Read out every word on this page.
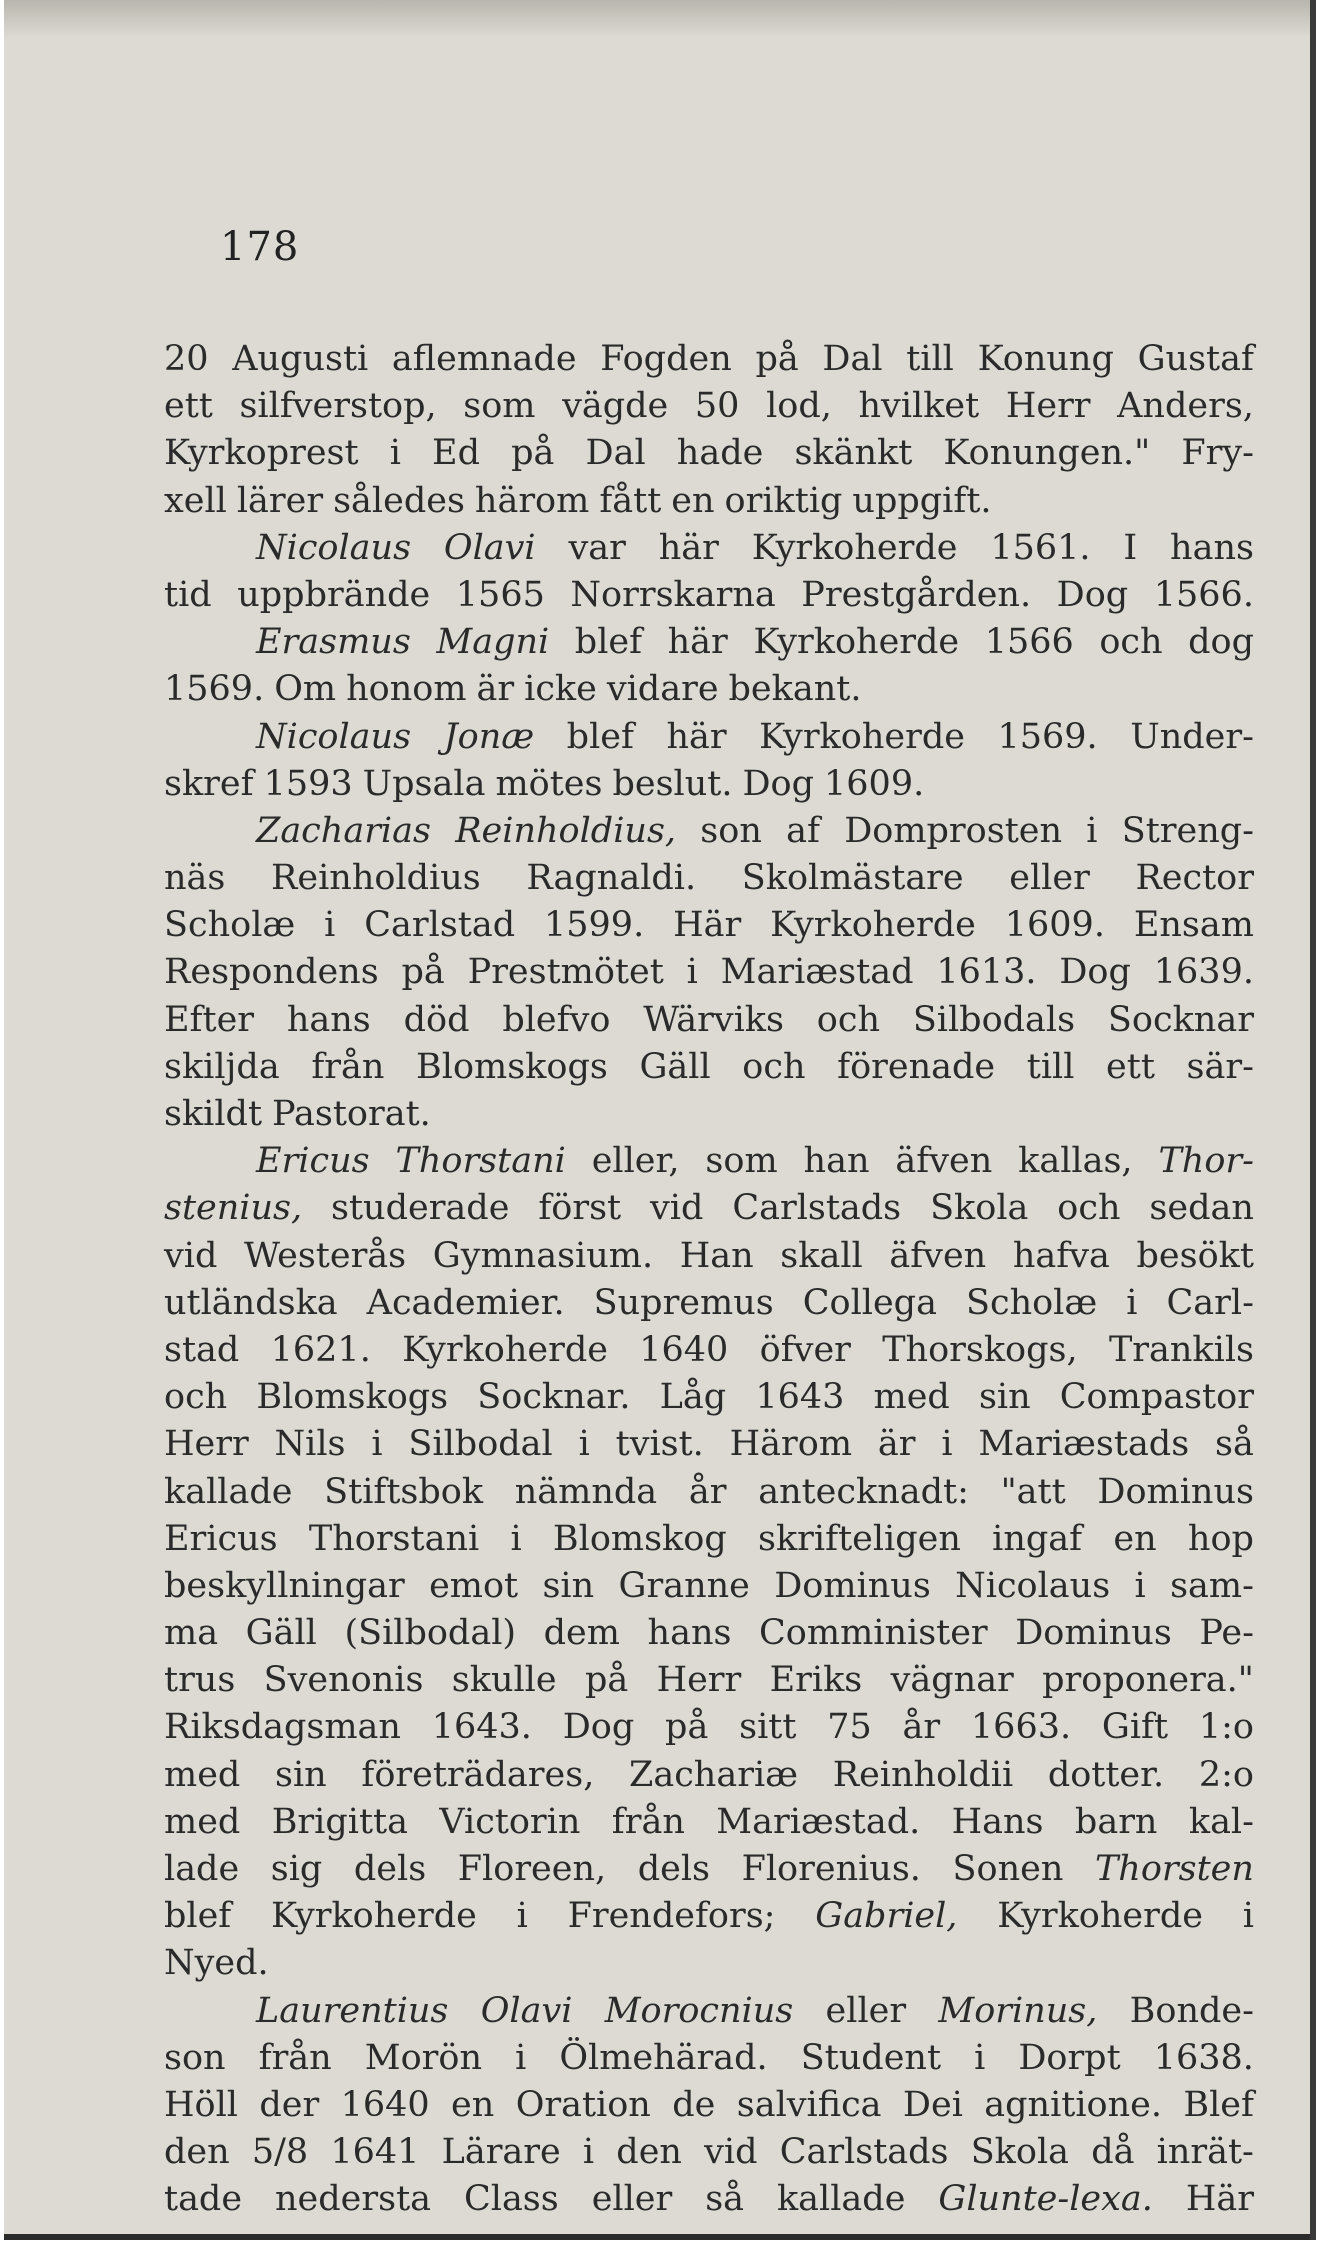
178
20 Augusti aflemnade Fogden på Dal till Konung Gustaf
ett silfverstop, som vägde 50 lod, hvilket Herr Anders,
Kyrkoprest i Ed på Dal hade skänkt Konungen." Fry-
xell lärer således härom fått en oriktig uppgift.
Nicolaus Olavi var här Kyrkoherde 1561. I hans
tid uppbrände 1565 Norrskarna Prestgården. Dog 1566.
Erasmus Magni blef här Kyrkoherde 1566 och dog
1569. Om honom är icke vidare bekant.
Nicolaus Jonæ blef här Kyrkoherde 1569. Under-
skref 1593 Upsala mötes beslut. Dog 1609.
Zacharias Reinholdius, son af Domprosten i Streng-
näs Reinholdius Ragnaldi. Skolmästare eller Rector
Scholæ i Carlstad 1599. Här Kyrkoherde 1609. Ensam
Respondens på Prestmötet i Mariæstad 1613. Dog 1639.
Efter hans död blefvo Wärviks och Silbodals Socknar
skiljda från Blomskogs Gäll och förenade till ett sär-
skildt Pastorat.
Ericus Thorstani eller, som han äfven kallas, Thor-
stenius, studerade först vid Carlstads Skola och sedan
vid Westerås Gymnasium. Han skall äfven hafva besökt
utländska Academier. Supremus Collega Scholæ i Carl-
stad 1621. Kyrkoherde 1640 öfver Thorskogs, Trankils
och Blomskogs Socknar. Låg 1643 med sin Compastor
Herr Nils i Silbodal i tvist. Härom är i Mariæstads så
kallade Stiftsbok nämnda år antecknadt: "att Dominus
Ericus Thorstani i Blomskog skrifteligen ingaf en hop
beskyllningar emot sin Granne Dominus Nicolaus i sam-
ma Gäll (Silbodal) dem hans Comminister Dominus Pe-
trus Svenonis skulle på Herr Eriks vägnar proponera."
Riksdagsman 1643. Dog på sitt 75 år 1663. Gift 1:o
med sin företrädares, Zachariæ Reinholdii dotter. 2:o
med Brigitta Victorin från Mariæstad. Hans barn kal-
lade sig dels Floreen, dels Florenius. Sonen Thorsten
blef Kyrkoherde i Frendefors; Gabriel, Kyrkoherde i
Nyed.
Laurentius Olavi Morocnius eller Morinus, Bonde-
son från Morön i Ölmehärad. Student i Dorpt 1638.
Höll der 1640 en Oration de salvifica Dei agnitione. Blef
den 5/8 1641 Lärare i den vid Carlstads Skola då inrät-
tade nedersta Class eller så kallade Glunte-lexa. Här
